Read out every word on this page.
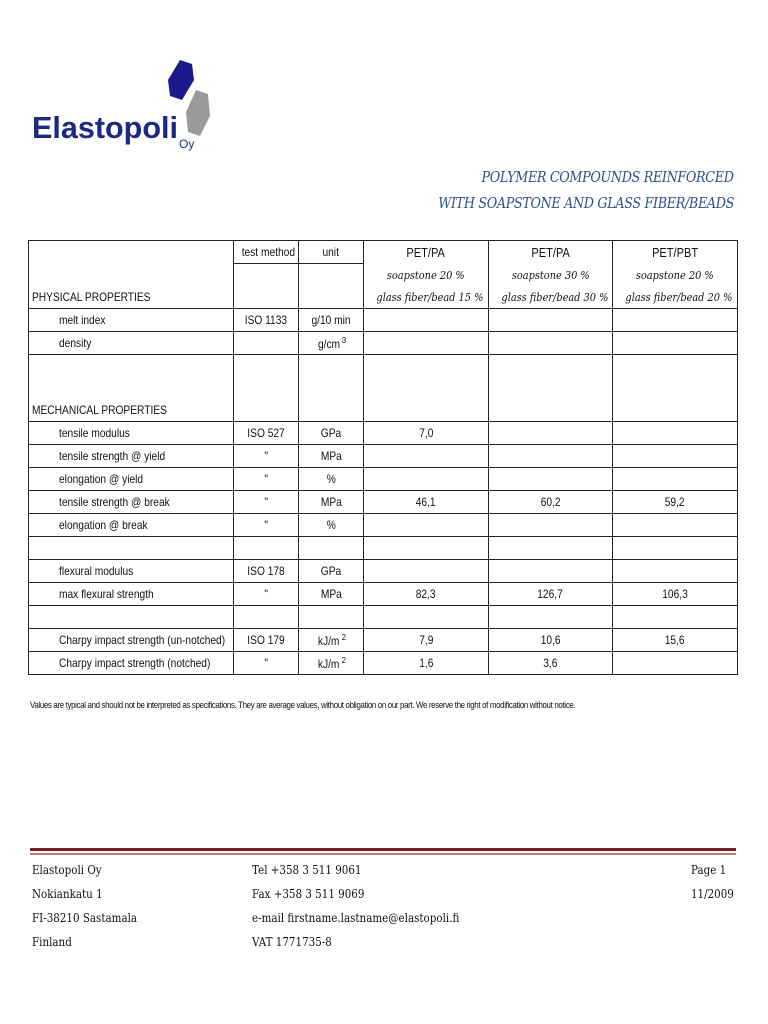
Elastopoli Oy
POLYMER COMPOUNDS REINFORCED
WITH SOAPSTONE AND GLASS FIBER/BEADS
	test method	unit	PET/PA	PET/PA	PET/PBT
			soapstone 20 %	soapstone 30 %	soapstone 20 %
PHYSICAL PROPERTIES			glass fiber/bead 15 %	glass fiber/bead 30 %	glass fiber/bead 20 %
melt index	ISO 1133	g/10 min			
density		g/cm $^3$			

MECHANICAL PROPERTIES					
tensile modulus	ISO 527	GPa	7,0		
tensile strength @ yield	"	MPa			
elongation @ yield	"	%			
tensile strength @ break	"	MPa	46,1	60,2	59,2
elongation @ break	"	%			

flexural modulus	ISO 178	GPa			
max flexural strength	"	MPa	82,3	126,7	106,3

Charpy impact strength (un-notched)	ISO 179	kJ/m $^2$	7,9	10,6	15,6
Charpy impact strength (notched)	"	kJ/m $^2$	1,6	3,6	
Values are typical and should not be interpreted as specifications. They are average values, without obligation on our part. We reserve the right of modification without notice.
Elastopoli Oy
Nokiankatu 1
FI-38210 Sastamala
Finland
Tel +358 3 511 9061
Fax +358 3 511 9069
e-mail firstname.lastname@elastopoli.fi
VAT 1771735-8
Page 1
11/2009
